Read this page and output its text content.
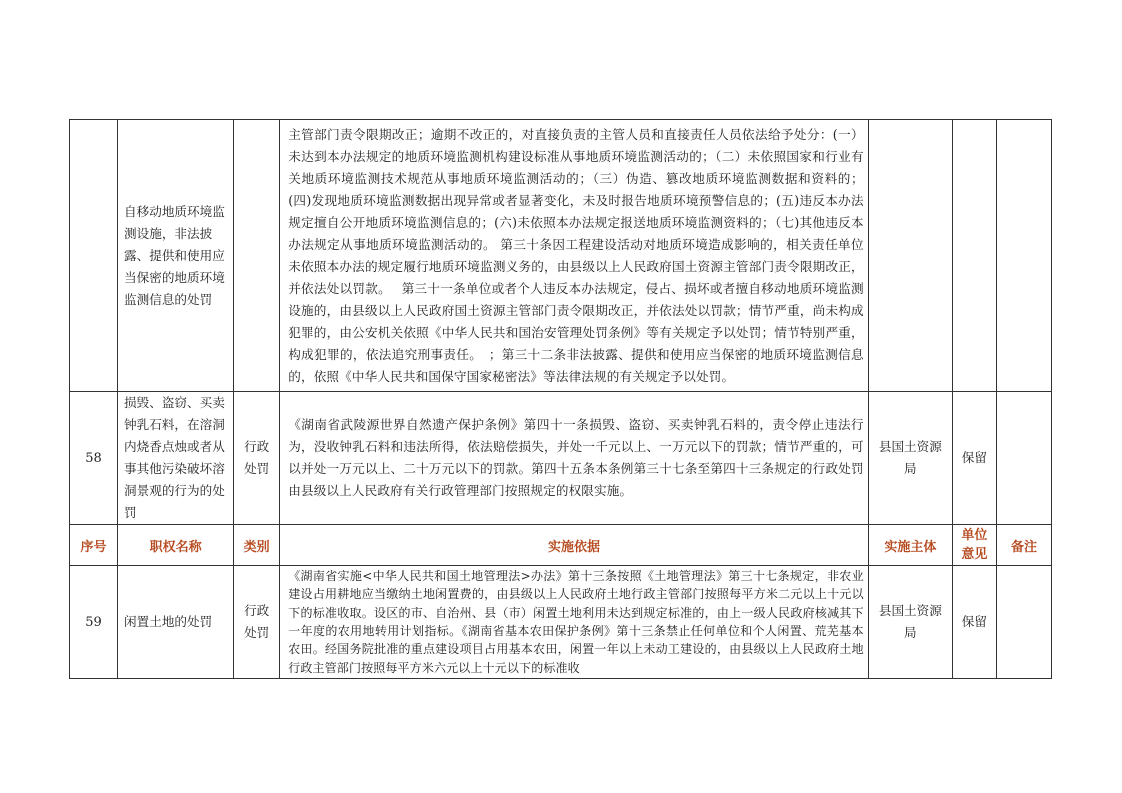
	自移动地质环境监测设施，非法披露、提供和使用应当保密的地质环境监测信息的处罚		主管部门责令限期改正；逾期不改正的，对直接负责的主管人员和直接责任人员依法给予处分：(一）未达到本办法规定的地质环境监测机构建设标准从事地质环境监测活动的；（二）未依照国家和行业有关地质环境监测技术规范从事地质环境监测活动的；（三）伪造、篡改地质环境监测数据和资料的；(四)发现地质环境监测数据出现异常或者显著变化，未及时报告地质环境预警信息的；(五)违反本办法规定擅自公开地质环境监测信息的；(六)未依照本办法规定报送地质环境监测资料的；（七)其他违反本办法规定从事地质环境监测活动的。 第三十条因工程建设活动对地质环境造成影响的，相关责任单位未依照本办法的规定履行地质环境监测义务的，由县级以上人民政府国土资源主管部门责令限期改正，并依法处以罚款。　 第三十一条单位或者个人违反本办法规定，侵占、损坏或者擅自移动地质环境监测设施的，由县级以上人民政府国土资源主管部门责令限期改正，并依法处以罚款；情节严重，尚未构成犯罪的，由公安机关依照《中华人民共和国治安管理处罚条例》等有关规定予以处罚；情节特别严重，构成犯罪的，依法追究刑事责任。　；第三十二条非法披露、提供和使用应当保密的地质环境监测信息的，依照《中华人民共和国保守国家秘密法》等法律法规的有关规定予以处罚。			
58	损毁、盗窃、买卖钟乳石料，在溶洞内烧香点烛或者从事其他污染破坏溶洞景观的行为的处罚	行政处罚	《湖南省武陵源世界自然遗产保护条例》第四十一条损毁、盗窃、买卖钟乳石料的，责令停止违法行为，没收钟乳石料和违法所得，依法赔偿损失，并处一千元以上、一万元以下的罚款；情节严重的，可以并处一万元以上、二十万元以下的罚款。第四十五条本条例第三十七条至第四十三条规定的行政处罚由县级以上人民政府有关行政管理部门按照规定的权限实施。	县国土资源局	保留	
序号	职权名称	类别	实施依据	实施主体	单位意见	备注
59	闲置土地的处罚	行政处罚	《湖南省实施<中华人民共和国土地管理法>办法》第十三条按照《土地管理法》第三十七条规定，非农业建设占用耕地应当缴纳土地闲置费的，由县级以上人民政府土地行政主管部门按照每平方米二元以上十元以下的标准收取。设区的市、自治州、县（市）闲置土地利用未达到规定标准的，由上一级人民政府核减其下一年度的农用地转用计划指标。《湖南省基本农田保护条例》第十三条禁止任何单位和个人闲置、荒芜基本农田。经国务院批准的重点建设项目占用基本农田，闲置一年以上未动工建设的，由县级以上人民政府土地行政主管部门按照每平方米六元以上十元以下的标准收	县国土资源局	保留	
